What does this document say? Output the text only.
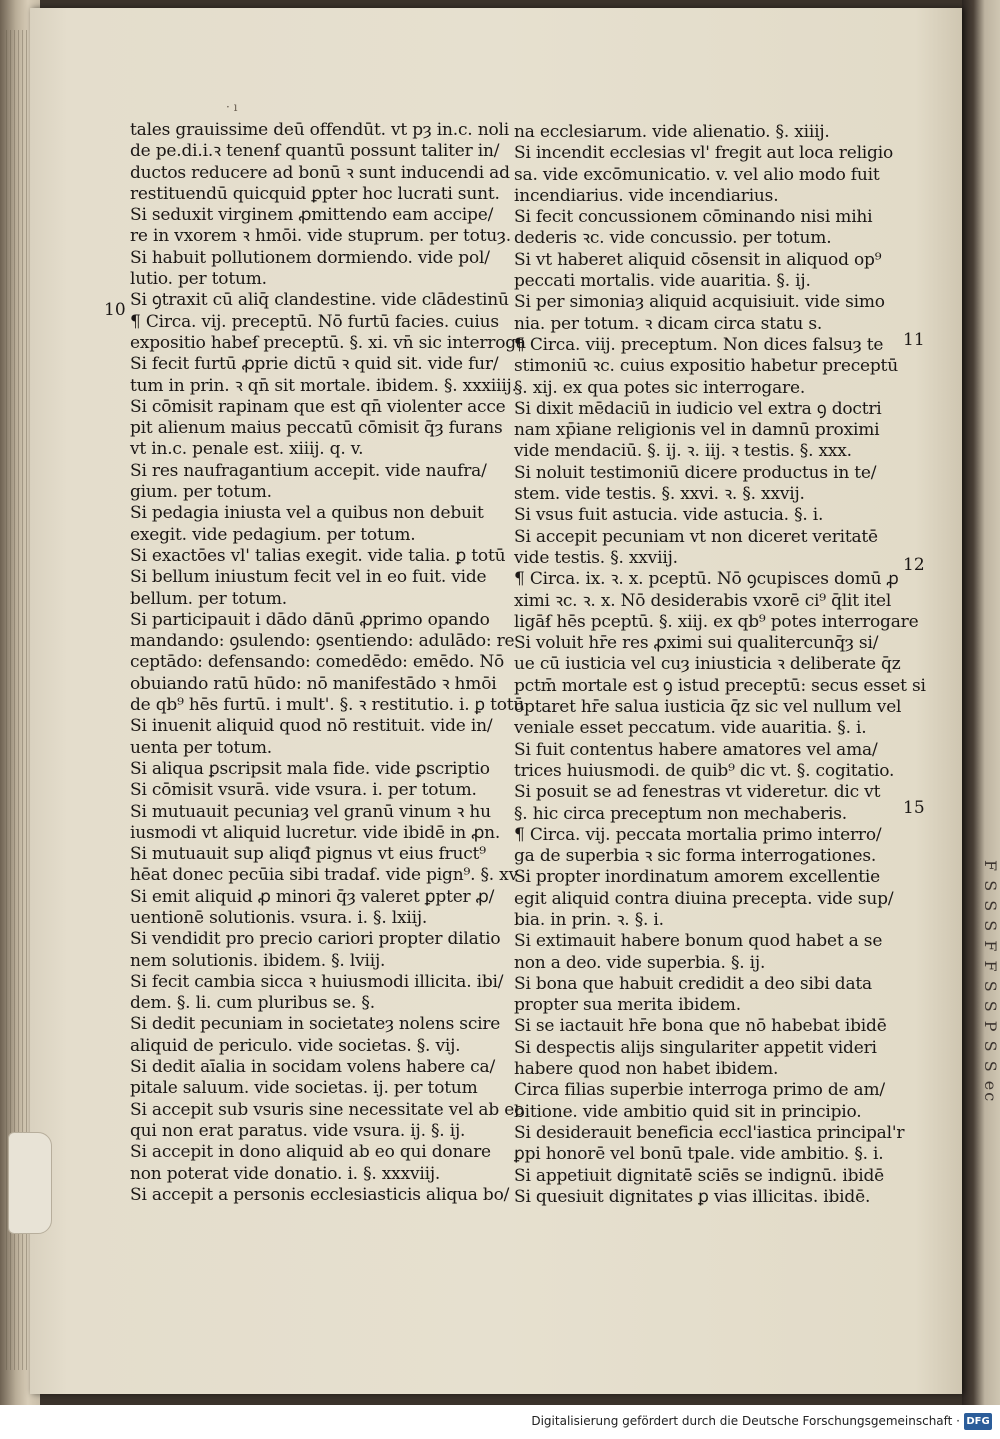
F S S S F F S S P S S ec
· ı
tales grauissime deū offendūt. vt pȝ in.c. noli
de pe.di.i.ꝛ tenenẜ quantū possunt taliter in/
ductos reducere ad bonū ꝛ sunt inducendi ad
restituendū quicquid ꝑpter hoc lucrati sunt.
Si seduxit virginem ꝓmittendo eam accipe/
re in vxorem ꝛ hmōi. vide stuprum. per totuȝ.
Si habuit pollutionem dormiendo. vide pol/
lutio. per totum.
Si ꝯtraxit cū aliq̄ clandestine. vide clādestinū
¶ Circa. vij. preceptū. Nō furtū facies. cuius
expositio habeẜ preceptū. §. xi. vn̄ sic interroga
Si fecit furtū ꝓprie dictū ꝛ quid sit. vide fur/
tum in prin. ꝛ qn̄ sit mortale. ibidem. §. xxxiiij.
Si cōmisit rapinam que est qn̄ violenter acce
pit alienum maius peccatū cōmisit q̄ȝ furans
vt in.c. penale est. xiiij. q. v.
Si res naufragantium accepit. vide naufra/
gium. per totum.
Si pedagia iniusta vel a quibus non debuit
exegit. vide pedagium. per totum.
Si exactōes vl' talias exegit. vide talia. ꝑ totū
Si bellum iniustum fecit vel in eo fuit. vide
bellum. per totum.
Si participauit i dādo dānū ꝓprimo opando
mandando: ꝯsulendo: ꝯsentiendo: adulādo: re
ceptādo: defensando: comedēdo: emēdo. Nō
obuiando ratū hūdo: nō manifestādo ꝛ hmōi
de qb⁹ hēs furtū. i mult'. §. ꝛ restitutio. i. ꝑ totū
Si inuenit aliquid quod nō restituit. vide in/
uenta per totum.
Si aliqua ꝑscripsit mala fide. vide ꝑscriptio
Si cōmisit vsurā. vide vsura. i. per totum.
Si mutuauit pecuniaȝ vel granū vinum ꝛ hu
iusmodi vt aliquid lucretur. vide ibidē in ꝓn.
Si mutuauit sup aliqđ pignus vt eius fruct⁹
hēat donec pecūia sibi tradaẜ. vide pign⁹. §. xv
Si emit aliquid ꝓ minori q̄ȝ valeret ꝑpter ꝓ/
uentionē solutionis. vsura. i. §. lxiij.
Si vendidit pro precio cariori propter dilatio
nem solutionis. ibidem. §. lviij.
Si fecit cambia sicca ꝛ huiusmodi illicita. ibi/
dem. §. li. cum pluribus se. §.
Si dedit pecuniam in societateȝ nolens scire
aliquid de periculo. vide societas. §. vij.
Si dedit aīalia in socidam volens habere ca/
pitale saluum. vide societas. ij. per totum
Si accepit sub vsuris sine necessitate vel ab eo
qui non erat paratus. vide vsura. ij. §. ij.
Si accepit in dono aliquid ab eo qui donare
non poterat vide donatio. i. §. xxxviij.
Si accepit a personis ecclesiasticis aliqua bo/
na ecclesiarum. vide alienatio. §. xiiij.
Si incendit ecclesias vl' fregit aut loca religio
sa. vide excōmunicatio. v. vel alio modo fuit
incendiarius. vide incendiarius.
Si fecit concussionem cōminando nisi mihi
dederis ꝛc. vide concussio. per totum.
Si vt haberet aliquid cōsensit in aliquod op⁹
peccati mortalis. vide auaritia. §. ij.
Si per simoniaȝ aliquid acquisiuit. vide simo
nia. per totum. ꝛ dicam circa statu s.
¶ Circa. viij. preceptum. Non dices falsuȝ te
stimoniū ꝛc. cuius expositio habetur preceptū
§. xij. ex qua potes sic interrogare.
Si dixit mēdaciū in iudicio vel extra ꝯ doctri
nam xp̄iane religionis vel in damnū proximi
vide mendaciū. §. ij. ꝛ. iij. ꝛ testis. §. xxx.
Si noluit testimoniū dicere productus in te/
stem. vide testis. §. xxvi. ꝛ. §. xxvij.
Si vsus fuit astucia. vide astucia. §. i.
Si accepit pecuniam vt non diceret veritatē
vide testis. §. xxviij.
¶ Circa. ix. ꝛ. x. pceptū. Nō ꝯcupisces domū ꝓ
ximi ꝛc. ꝛ. x. Nō desiderabis vxorē ci⁹ q̄lit itel
ligāẜ hēs pceptū. §. xiij. ex qb⁹ potes interrogare
Si voluit hr̄e res ꝓximi sui qualitercunq̄ȝ si/
ue cū iusticia vel cuȝ iniusticia ꝛ deliberate q̄z
pctm̄ mortale est ꝯ istud preceptū: secus esset si
optaret hr̄e salua iusticia q̄z sic vel nullum vel
veniale esset peccatum. vide auaritia. §. i.
Si fuit contentus habere amatores vel ama/
trices huiusmodi. de quib⁹ dic vt. §. cogitatio.
Si posuit se ad fenestras vt videretur. dic vt
§. hic circa preceptum non mechaberis.
¶ Circa. vij. peccata mortalia primo interro/
ga de superbia ꝛ sic forma interrogationes.
Si propter inordinatum amorem excellentie
egit aliquid contra diuina precepta. vide sup/
bia. in prin. ꝛ. §. i.
Si extimauit habere bonum quod habet a se
non a deo. vide superbia. §. ij.
Si bona que habuit credidit a deo sibi data
propter sua merita ibidem.
Si se iactauit hr̄e bona que nō habebat ibidē
Si despectis alijs singulariter appetit videri
habere quod non habet ibidem.
Circa filias superbie interroga primo de am/
bitione. vide ambitio quid sit in principio.
Si desiderauit beneficia eccl'iastica principal'r
ꝑpi honorē vel bonū tpale. vide ambitio. §. i.
Si appetiuit dignitatē sciēs se indignū. ibidē
Si quesiuit dignitates ꝑ vias illicitas. ibidē.
10
11
12
15
Digitalisierung gefördert durch die Deutsche Forschungsgemeinschaft · DFG
